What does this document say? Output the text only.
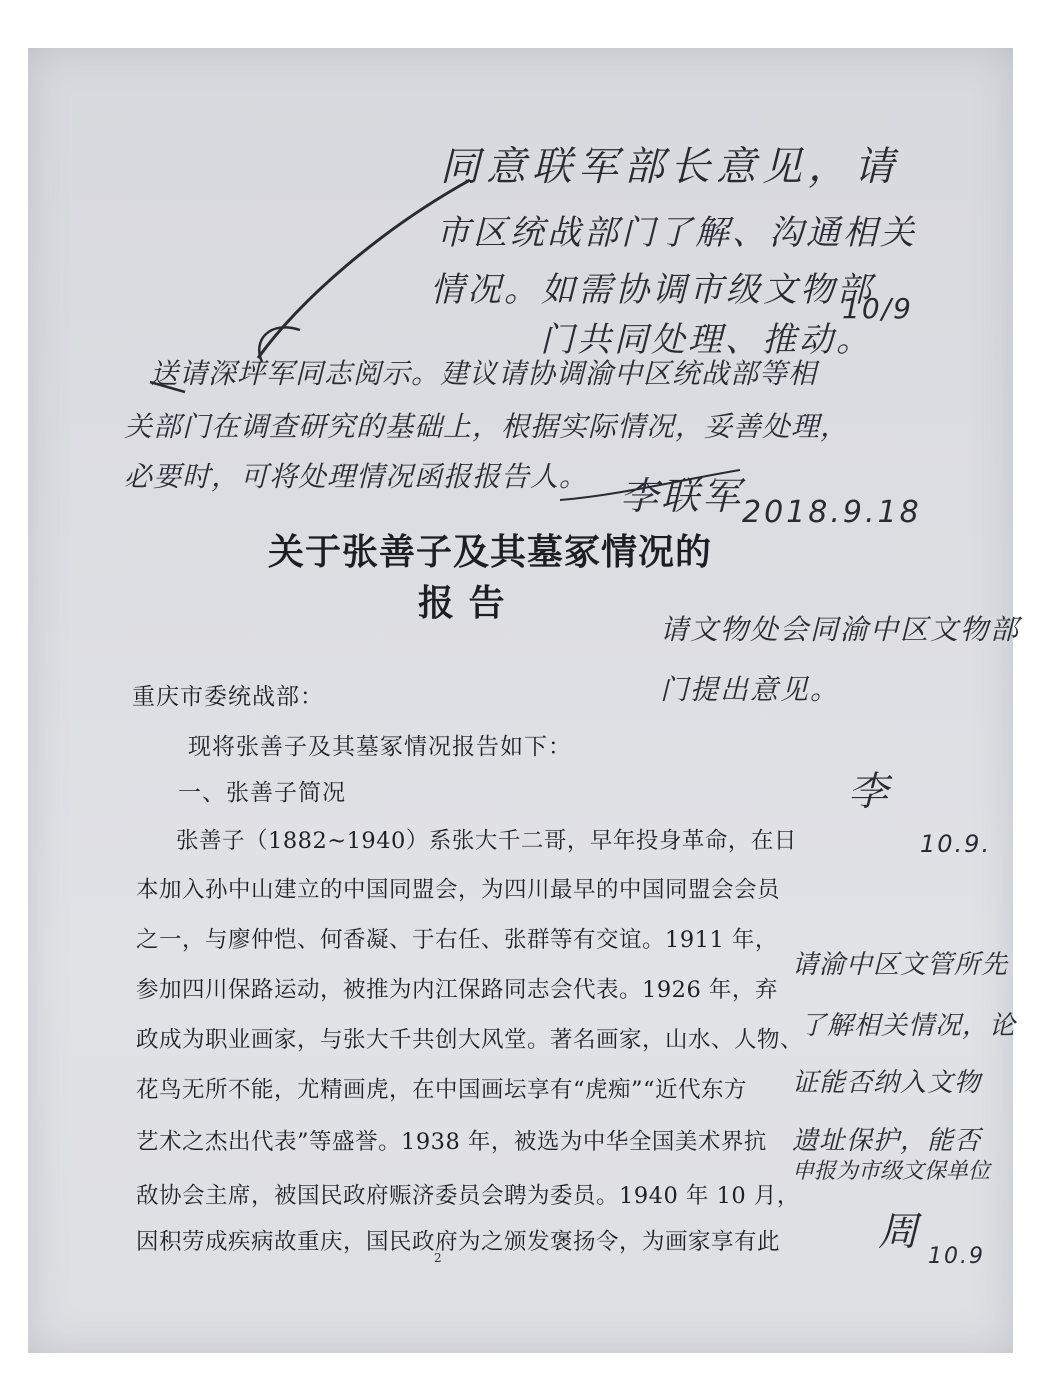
同意联军部长意见，请
市区统战部门了解、沟通相关
情况。如需协调市级文物部
门共同处理、推动。
10/9
送请深坪军同志阅示。建议请协调渝中区统战部等相
关部门在调查研究的基础上，根据实际情况，妥善处理，
必要时，可将处理情况函报报告人。 李联军
2018.9.18
关于张善子及其墓冢情况的
报 告
请文物处会同渝中区文物部
门提出意见。
李
10.9.
重庆市委统战部：
现将张善子及其墓冢情况报告如下：
一、张善子简况
张善子（1882~1940）系张大千二哥，早年投身革命，在日
本加入孙中山建立的中国同盟会，为四川最早的中国同盟会会员
之一，与廖仲恺、何香凝、于右任、张群等有交谊。1911 年，
参加四川保路运动，被推为内江保路同志会代表。1926 年，弃
政成为职业画家，与张大千共创大风堂。著名画家，山水、人物、
花鸟无所不能，尤精画虎，在中国画坛享有“虎痴”“近代东方
艺术之杰出代表”等盛誉。1938 年，被选为中华全国美术界抗
敌协会主席，被国民政府赈济委员会聘为委员。1940 年 10 月，
因积劳成疾病故重庆，国民政府为之颁发褒扬令，为画家享有此
请渝中区文管所先
了解相关情况，论
证能否纳入文物
遗址保护，能否
申报为市级文保单位
周
10.9
2
